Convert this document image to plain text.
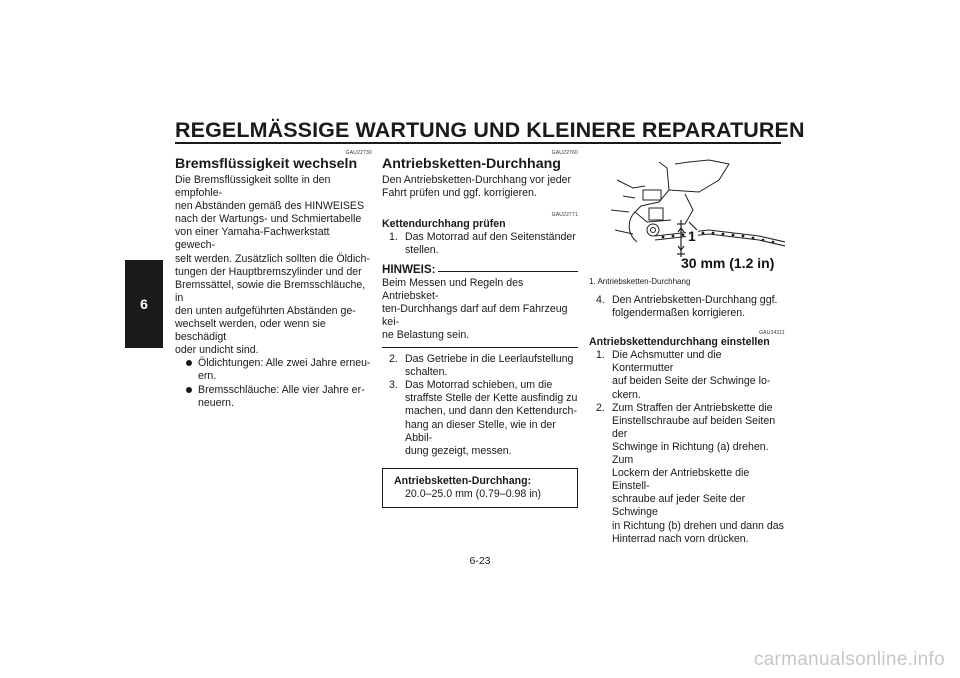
REGELMÄSSIGE WARTUNG UND KLEINERE REPARATUREN
6
GAU22730
Bremsflüssigkeit wechseln
Die Bremsflüssigkeit sollte in den empfohle-
nen Abständen gemäß des HINWEISES
nach der Wartungs- und Schmiertabelle
von einer Yamaha-Fachwerkstatt gewech-
selt werden. Zusätzlich sollten die Öldich-
tungen der Hauptbremszylinder und der
Bremssättel, sowie die Bremsschläuche, in
den unten aufgeführten Abständen ge-
wechselt werden, oder wenn sie beschädigt
oder undicht sind.
Öldichtungen: Alle zwei Jahre erneu-
ern.
Bremsschläuche: Alle vier Jahre er-
neuern.
GAU22760
Antriebsketten-Durchhang
Den Antriebsketten-Durchhang vor jeder
Fahrt prüfen und ggf. korrigieren.
GAU22771
Kettendurchhang prüfen
1. Das Motorrad auf den Seitenständer
stellen.
HINWEIS:
Beim Messen und Regeln des Antriebsket-
ten-Durchhangs darf auf dem Fahrzeug kei-
ne Belastung sein.
2. Das Getriebe in die Leerlaufstellung
schalten.
3. Das Motorrad schieben, um die
straffste Stelle der Kette ausfindig zu
machen, und dann den Kettendurch-
hang an dieser Stelle, wie in der Abbil-
dung gezeigt, messen.
Antriebsketten-Durchhang:
20.0–25.0 mm (0.79–0.98 in)
1
30 mm (1.2 in)
1. Antriebsketten-Durchhang
4. Den Antriebsketten-Durchhang ggf.
folgendermaßen korrigieren.
GAU34311
Antriebskettendurchhang einstellen
1. Die Achsmutter und die Kontermutter
auf beiden Seite der Schwinge lo-
ckern.
2. Zum Straffen der Antriebskette die
Einstellschraube auf beiden Seiten der
Schwinge in Richtung (a) drehen. Zum
Lockern der Antriebskette die Einstell-
schraube auf jeder Seite der Schwinge
in Richtung (b) drehen und dann das
Hinterrad nach vorn drücken.
6-23
carmanualsonline.info
